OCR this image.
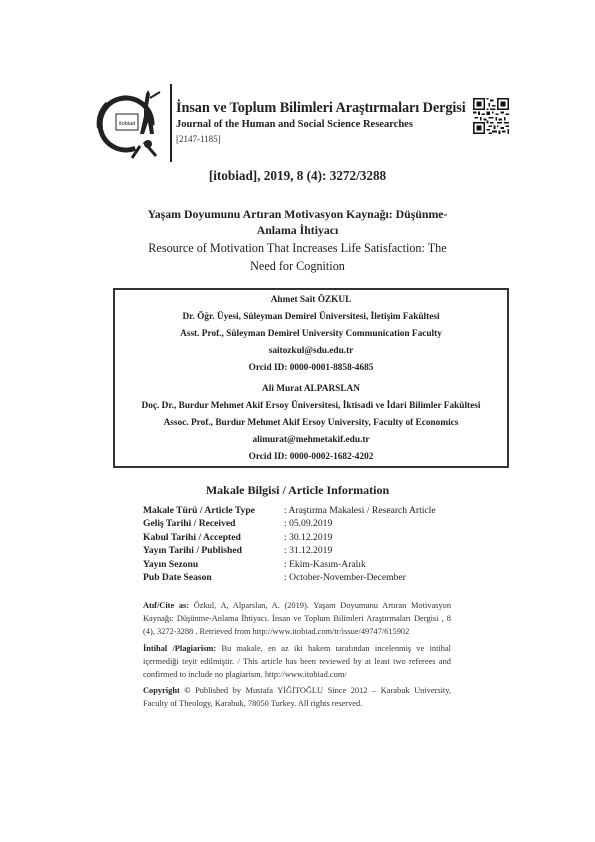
itobiad
İnsan ve Toplum Bilimleri Araştırmaları Dergisi
Journal of the Human and Social Science Researches
[2147-1185]
[itobiad], 2019, 8 (4): 3272/3288
Yaşam Doyumunu Artıran Motivasyon Kaynağı: Düşünme-
Anlama İhtiyacı
Resource of Motivation That Increases Life Satisfaction: The
Need for Cognition
Ahmet Sait ÖZKUL
Dr. Öğr. Üyesi, Süleyman Demirel Üniversitesi, İletişim Fakültesi
Asst. Prof., Süleyman Demirel University Communication Faculty
saitozkul@sdu.edu.tr
Orcid ID: 0000-0001-8858-4685
Ali Murat ALPARSLAN
Doç. Dr., Burdur Mehmet Akif Ersoy Üniversitesi, İktisadi ve İdari Bilimler Fakültesi
Assoc. Prof., Burdur Mehmet Akif Ersoy University, Faculty of Economics
alimurat@mehmetakif.edu.tr
Orcid ID: 0000-0002-1682-4202
Makale Bilgisi / Article Information
Makale Türü / Article Type	: Araştırma Makalesi / Research Article
Geliş Tarihi / Received	: 05.09.2019
Kabul Tarihi / Accepted	: 30.12.2019
Yayın Tarihi / Published	: 31.12.2019
Yayın Sezonu	: Ekim-Kasım-Aralık
Pub Date Season	: October-November-December
Atıf/Cite as: Özkul, A, Alparslan, A. (2019). Yaşam Doyumunu Artıran Motivasyon Kaynağı: Düşünme-Anlama İhtiyacı. İnsan ve Toplum Bilimleri Araştırmaları Dergisi , 8 (4), 3272-3288 . Retrieved from http://www.itobiad.com/tr/issue/49747/615902
İntihal /Plagiarism: Bu makale, en az iki hakem tarafından incelenmiş ve intihal içermediği teyit edilmiştir. / This article has been reviewed by at least two referees and confirmed to include no plagiarism. http://www.itobiad.com/
Copyright © Published by Mustafa YİĞİTOĞLU Since 2012 – Karabuk University, Faculty of Theology, Karabuk, 78050 Turkey. All rights reserved.
